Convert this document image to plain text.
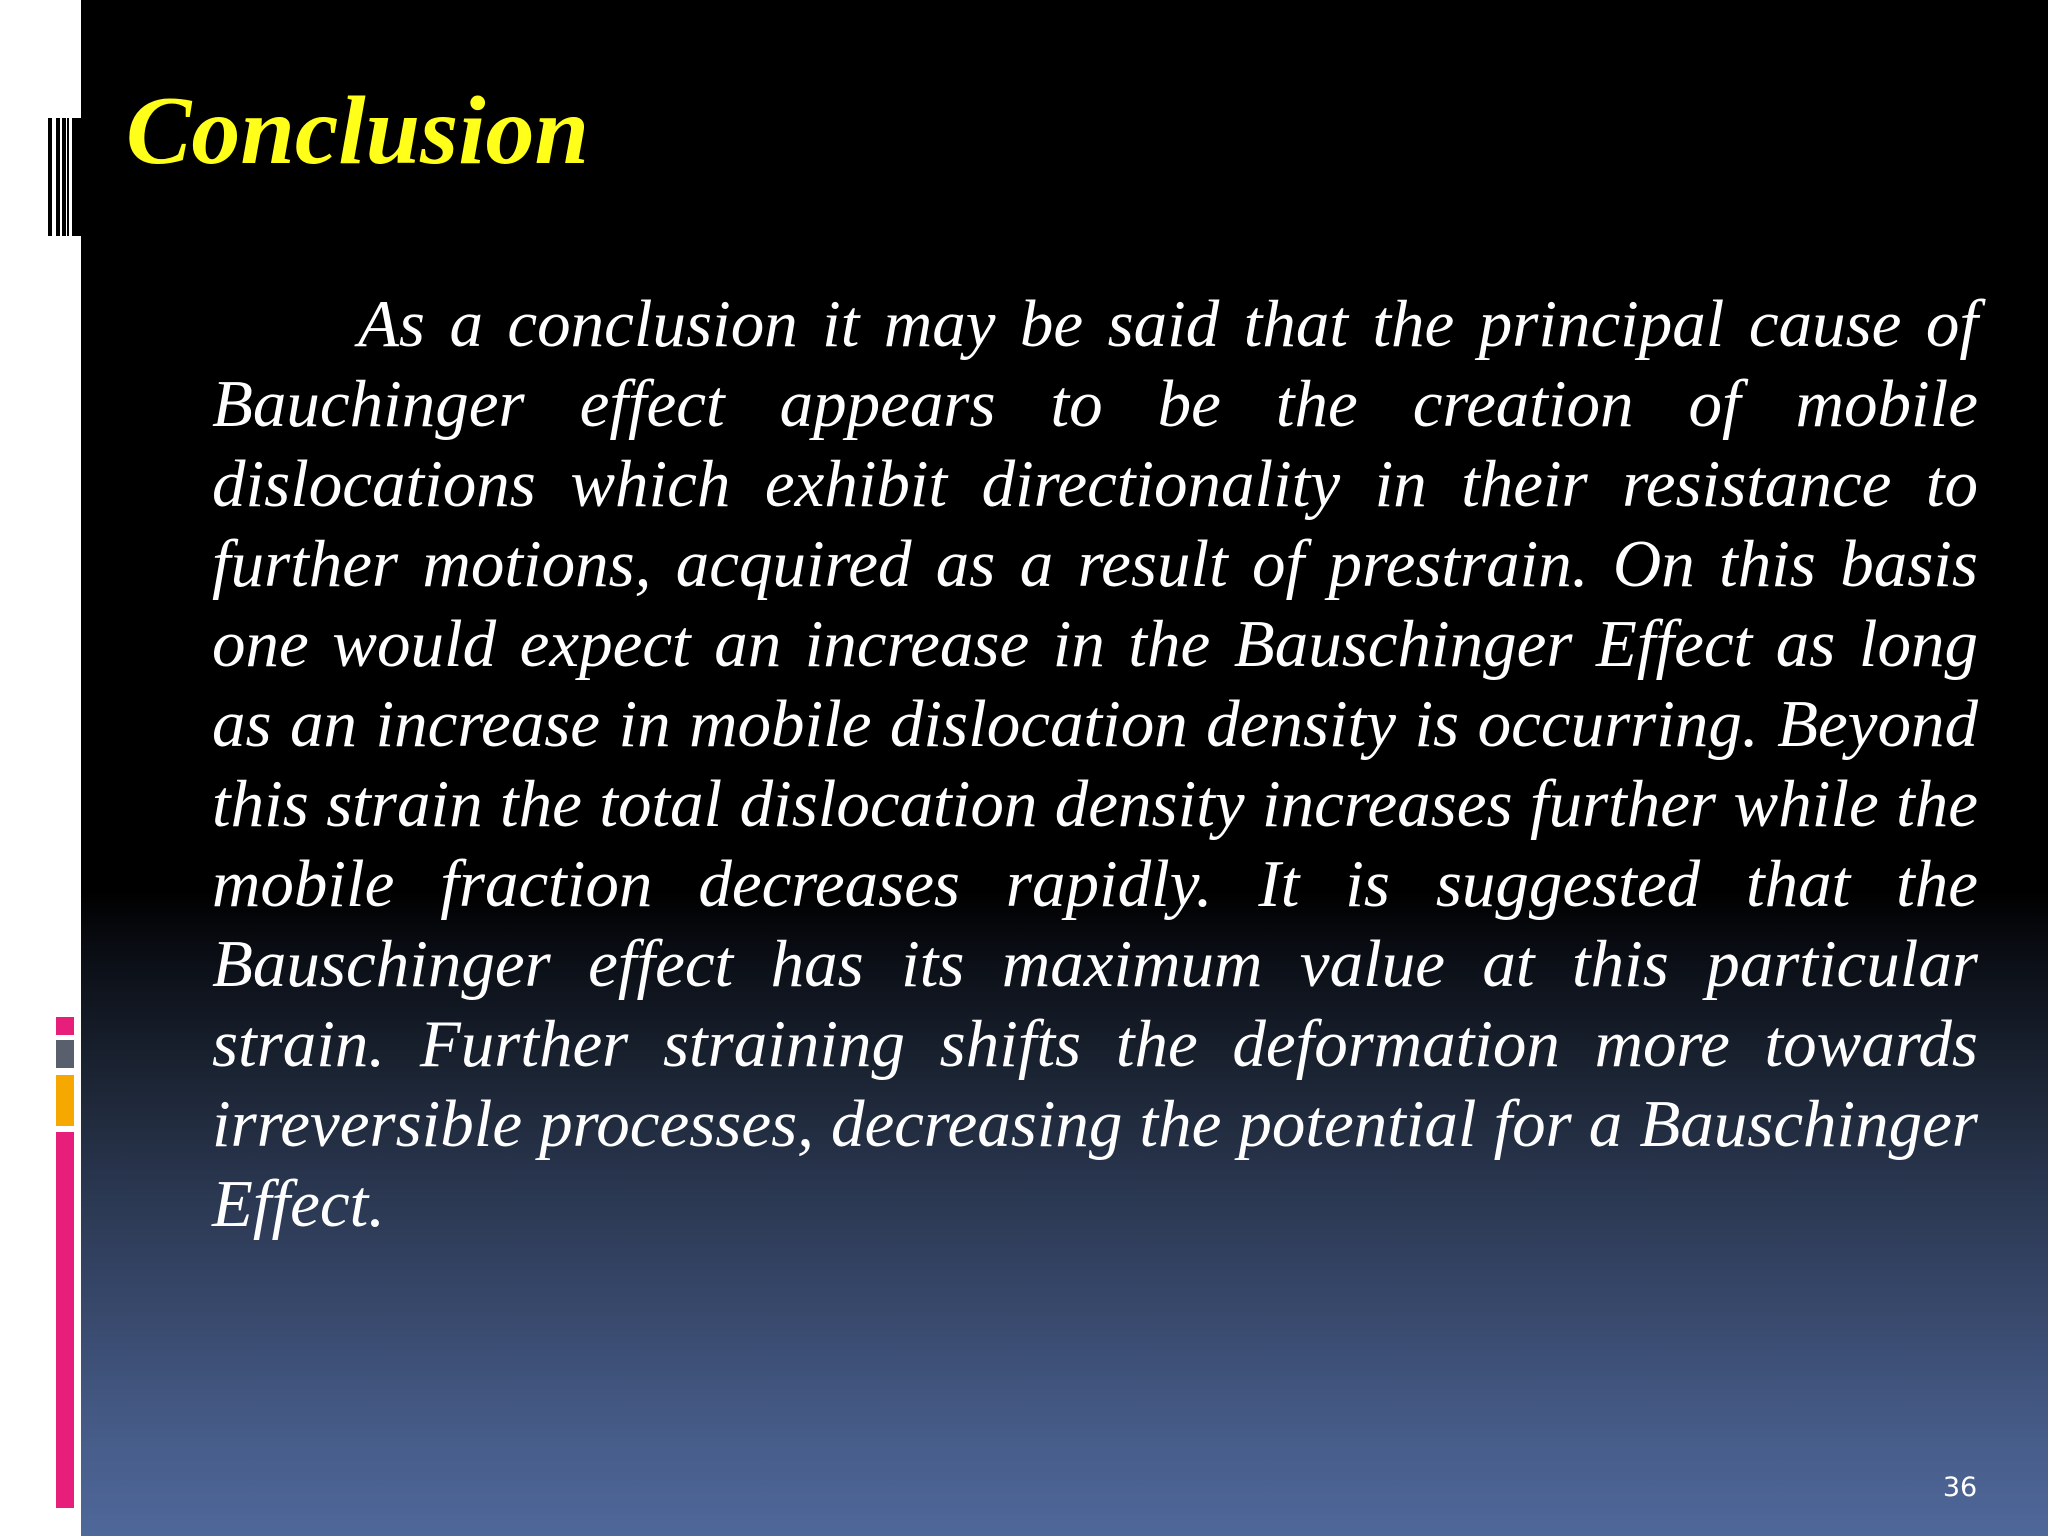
Conclusion

As a conclusion it may be said that the principal cause of Bauchinger effect appears to be the creation of mobile dislocations which exhibit directionality in their resistance to further motions, acquired as a result of prestrain. On this basis one would expect an increase in the Bauschinger Effect as long as an increase in mobile dislocation density is occurring. Beyond this strain the total dislocation density increases further while the mobile fraction decreases rapidly. It is suggested that the Bauschinger effect has its maximum value at this particular strain. Further straining shifts the deformation more towards irreversible processes, decreasing the potential for a Bauschinger Effect.

36
